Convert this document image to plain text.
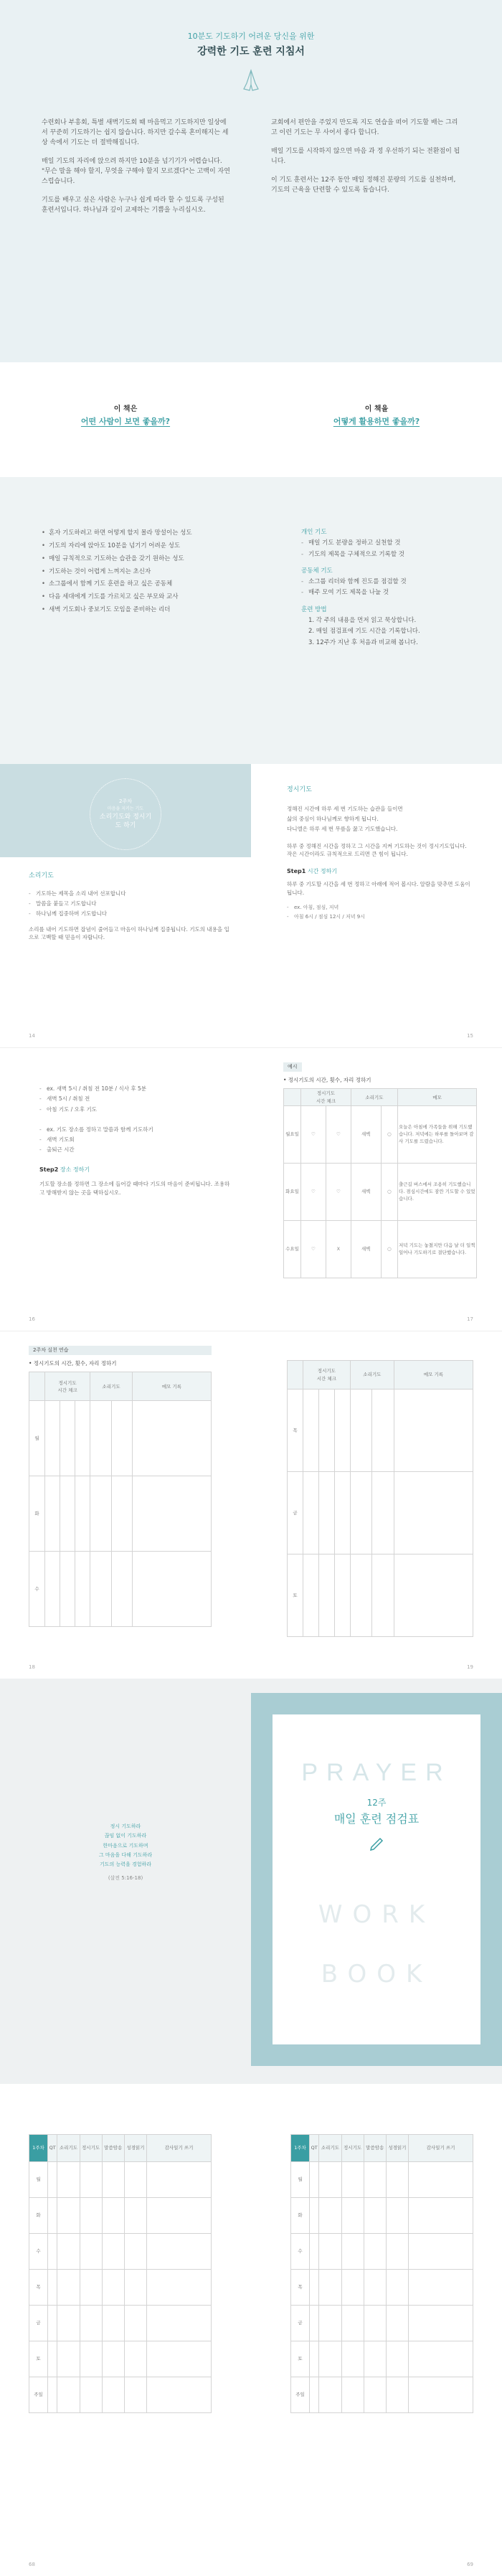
10분도 기도하기 어려운 당신을 위한
강력한 기도 훈련 지침서

수련회나 부흥회, 특별 새벽기도회 때 마음먹고 기도하지만 일상에서 꾸준히 기도하기는 쉽지 않습니다. 하지만 갈수록 혼미해지는 세상 속에서 기도는 더 절박해집니다.

매일 기도의 자리에 앉으려 하지만 10분을 넘기기가 어렵습니다. "무슨 말을 해야 할지, 무엇을 구해야 할지 모르겠다"는 고백이 자연스럽습니다.

기도를 배우고 싶은 사람은 누구나 쉽게 따라 할 수 있도록 구성된 훈련서입니다. 하나님과 깊이 교제하는 기쁨을 누리십시오.

교회에서 편안을 주었지 만도록 지도 연습을 떠어 기도할 배는 그리고 이런 기도는 무 사어서 좋다 합니다.

매일 기도를 시작하지 않으면 마음 과 정 우선하기 되는 전환점이 됩니다.

이 기도 훈련서는 12주 동안 매일 정해진 분량의 기도를 실천하며, 기도의 근육을 단련할 수 있도록 돕습니다.

이 책은
어떤 사람이 보면 좋을까?
이 책을
어떻게 활용하면 좋을까?
• 혼자 기도하려고 하면 어떻게 할지 몰라 망설이는 성도
• 기도의 자리에 앉아도 10분을 넘기기 어려운 성도
• 매일 규칙적으로 기도하는 습관을 갖기 원하는 성도
• 기도하는 것이 어렵게 느껴지는 초신자
• 소그룹에서 함께 기도 훈련을 하고 싶은 공동체
• 다음 세대에게 기도를 가르치고 싶은 부모와 교사
• 새벽 기도회나 중보기도 모임을 준비하는 리더
개인 기도
- 매일 기도 분량을 정하고 실천할 것
- 기도의 제목을 구체적으로 기록할 것
공동체 기도
- 소그룹 리더와 함께 진도를 점검할 것
- 매주 모여 기도 제목을 나눌 것
훈련 방법
1. 각 주의 내용을 먼저 읽고 묵상합니다.
2. 매일 점검표에 기도 시간을 기록합니다.
3. 12주가 지난 후 처음과 비교해 봅니다.
2주차
마음을 지키는 기도
소리기도와 정시기도 하기
소리기도
- 기도하는 제목을 소리 내어 선포합니다
- 말씀을 붙들고 기도합니다
- 하나님께 집중하며 기도합니다

소리를 내어 기도하면 잡념이 줄어들고 마음이 하나님께 집중됩니다. 기도의 내용을 입으로 고백할 때 믿음이 자랍니다.

14
정시기도
정해진 시간에 하루 세 번 기도하는 습관을 들이면
삶의 중심이 하나님께로 향하게 됩니다.
다니엘은 하루 세 번 무릎을 꿇고 기도했습니다.

하루 중 정해진 시간을 정하고 그 시간을 지켜 기도하는 것이 정시기도입니다. 작은 시간이라도 규칙적으로 드리면 큰 힘이 됩니다.

Step1 시간 정하기

하루 중 기도할 시간을 세 번 정하고 아래에 적어 봅시다. 알람을 맞추면 도움이 됩니다.

- ex. 아침, 점심, 저녁
- 아침 6시 / 점심 12시 / 저녁 9시
15
- ex. 새벽 5시 / 취침 전 10분 / 식사 후 5분
- 새벽 5시 / 취침 전
- 아침 기도 / 오후 기도
- ex. 기도 장소를 정하고 말씀과 함께 기도하기
- 새벽 기도회
- 출퇴근 시간
Step2 장소 정하기

기도할 장소를 정하면 그 장소에 들어갈 때마다 기도의 마음이 준비됩니다. 조용하고 방해받지 않는 곳을 택하십시오.

16
예시
• 정시기도의 시간, 횟수, 자리 정하기
	정시기도
시간 체크		소리기도		메모
월요일	♡	♡	새벽	○	오늘은 아침에 가족들을 위해 기도했습니다. 저녁에는 하루를 돌아보며 감사 기도를 드렸습니다.
화요일	♡	♡	새벽	○	출근길 버스에서 조용히 기도했습니다. 점심시간에도 잠깐 기도할 수 있었습니다.
수요일	♡	X	새벽	○	저녁 기도는 놓쳤지만 다음 날 더 일찍 일어나 기도하기로 결단했습니다.
17
2주차 실천 연습
• 정시기도의 시간, 횟수, 자리 정하기
	정시기도
시간 체크			소리기도		메모 기록
월						
화						
수						
18
	정시기도
시간 체크			소리기도		메모 기록
목						
금						
토						
19
정시 기도하라
끊임 없이 기도하라
한마음으로 기도하며
그 마음을 다해 기도하라
기도의 능력을 경험하라
(살전 5:16-18)
PRAYER
12주
매일 훈련 점검표
WORK
BOOK
1주차	QT	소리기도	정시기도	말씀암송	성경읽기	감사일기 쓰기
월						
화						
수						
목						
금						
토						
주일						
68
1주차	QT	소리기도	정시기도	말씀암송	성경읽기	감사일기 쓰기
월						
화						
수						
목						
금						
토						
주일						
69
